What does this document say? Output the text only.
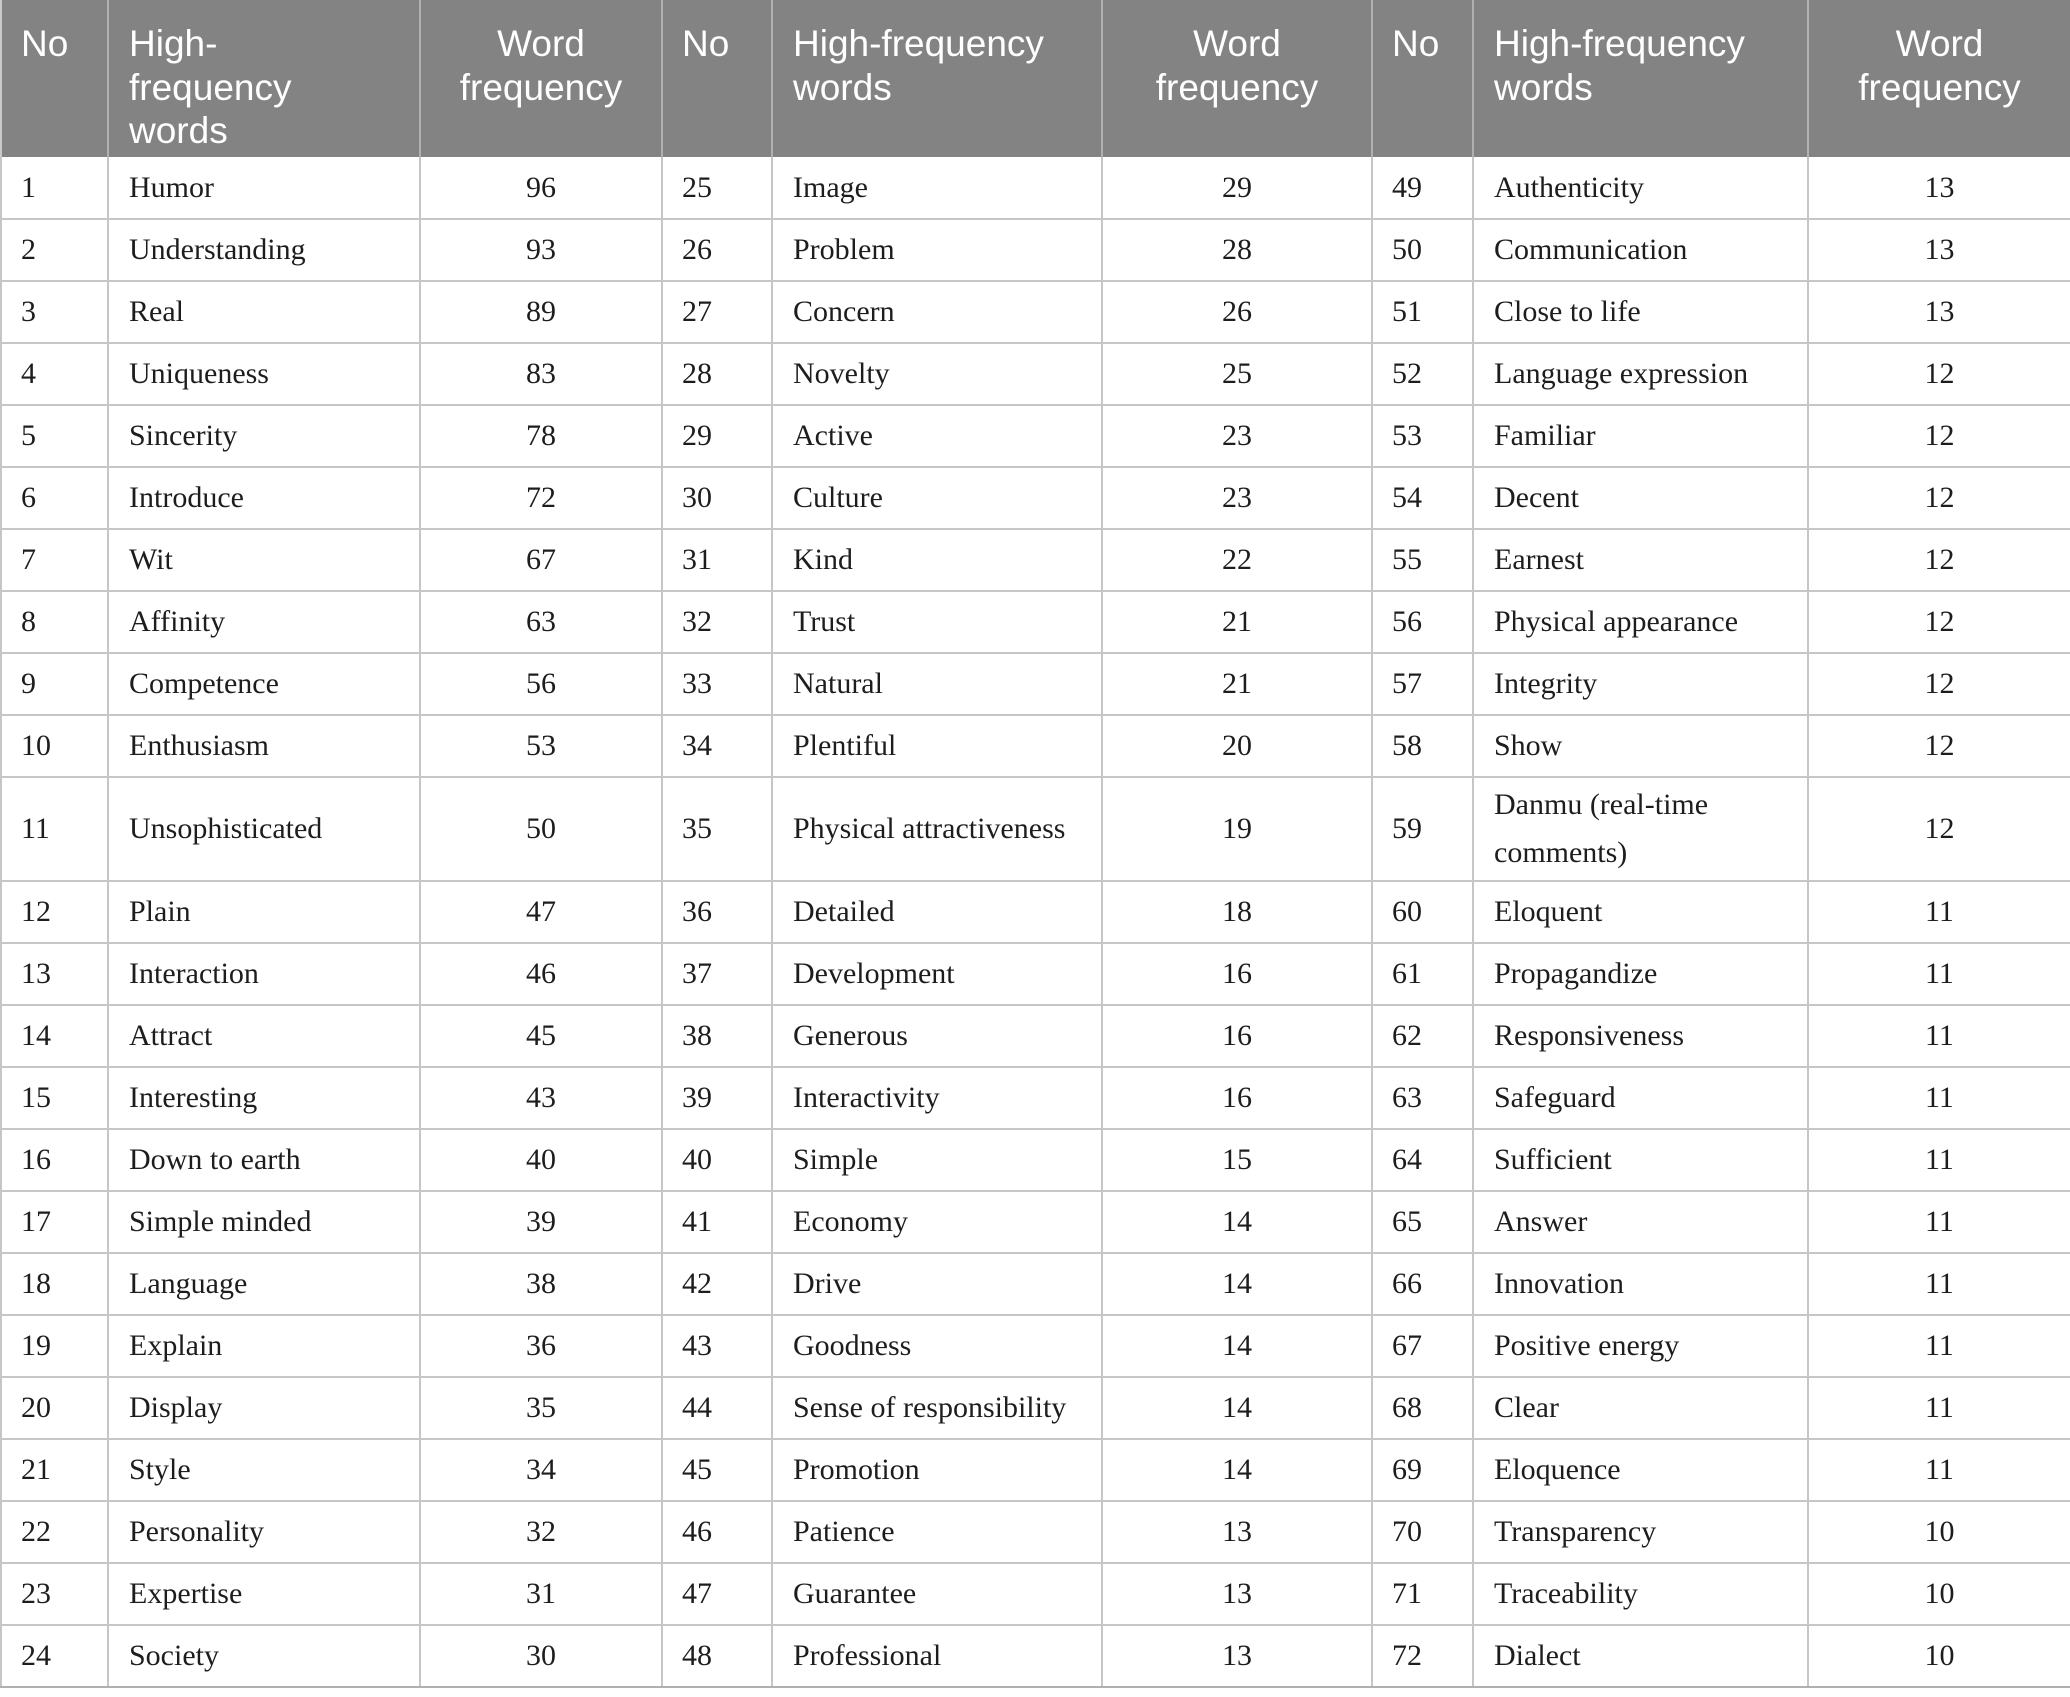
No	High-frequency words	Word frequency	No	High-frequency words	Word frequency	No	High-frequency words	Word frequency
1	Humor	96	25	Image	29	49	Authenticity	13
2	Understanding	93	26	Problem	28	50	Communication	13
3	Real	89	27	Concern	26	51	Close to life	13
4	Uniqueness	83	28	Novelty	25	52	Language expression	12
5	Sincerity	78	29	Active	23	53	Familiar	12
6	Introduce	72	30	Culture	23	54	Decent	12
7	Wit	67	31	Kind	22	55	Earnest	12
8	Affinity	63	32	Trust	21	56	Physical appearance	12
9	Competence	56	33	Natural	21	57	Integrity	12
10	Enthusiasm	53	34	Plentiful	20	58	Show	12
11	Unsophisticated	50	35	Physical attractiveness	19	59	Danmu (real-time comments)	12
12	Plain	47	36	Detailed	18	60	Eloquent	11
13	Interaction	46	37	Development	16	61	Propagandize	11
14	Attract	45	38	Generous	16	62	Responsiveness	11
15	Interesting	43	39	Interactivity	16	63	Safeguard	11
16	Down to earth	40	40	Simple	15	64	Sufficient	11
17	Simple minded	39	41	Economy	14	65	Answer	11
18	Language	38	42	Drive	14	66	Innovation	11
19	Explain	36	43	Goodness	14	67	Positive energy	11
20	Display	35	44	Sense of responsibility	14	68	Clear	11
21	Style	34	45	Promotion	14	69	Eloquence	11
22	Personality	32	46	Patience	13	70	Transparency	10
23	Expertise	31	47	Guarantee	13	71	Traceability	10
24	Society	30	48	Professional	13	72	Dialect	10
